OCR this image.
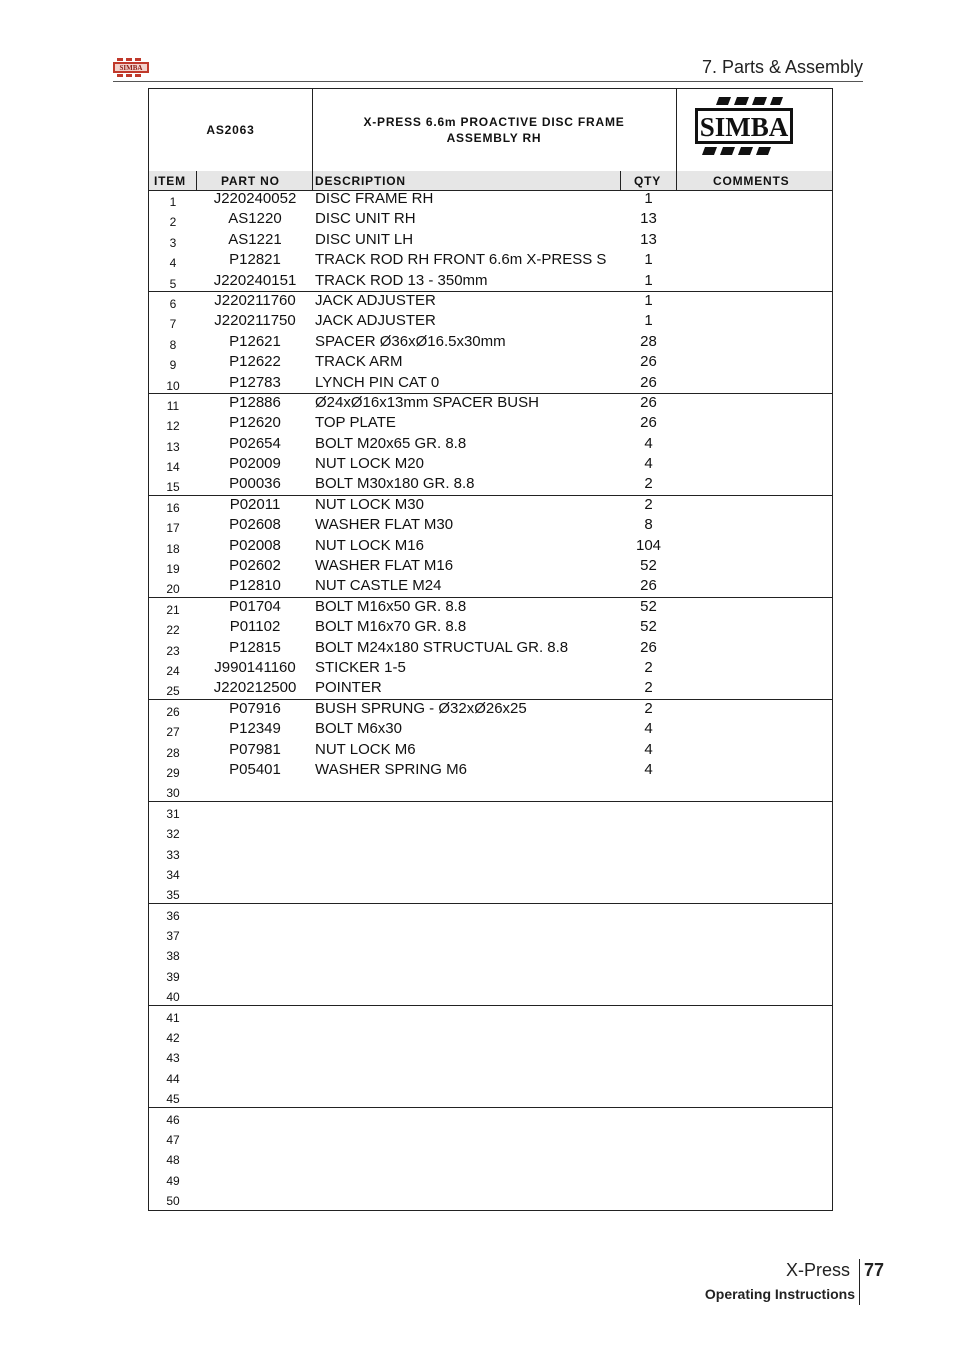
SIMBA	7. Parts & Assembly
AS2063
X-PRESS 6.6m PROACTIVE DISC FRAME
ASSEMBLY RH	SIMBA
ITEM	PART NO	DESCRIPTION	QTY	COMMENTS
1	J220240052	DISC FRAME RH	1
2	AS1220	DISC UNIT RH	13
3	AS1221	DISC UNIT LH	13
4	P12821	TRACK ROD RH FRONT 6.6m X-PRESS S	1
5	J220240151	TRACK ROD 13 - 350mm	1
6	J220211760	JACK ADJUSTER	1
7	J220211750	JACK ADJUSTER	1
8	P12621	SPACER Ø36xØ16.5x30mm	28
9	P12622	TRACK ARM	26
10	P12783	LYNCH PIN CAT 0	26
11	P12886	Ø24xØ16x13mm SPACER BUSH	26
12	P12620	TOP PLATE	26
13	P02654	BOLT M20x65 GR. 8.8	4
14	P02009	NUT LOCK M20	4
15	P00036	BOLT M30x180 GR. 8.8	2
16	P02011	NUT LOCK M30	2
17	P02608	WASHER FLAT M30	8
18	P02008	NUT LOCK M16	104
19	P02602	WASHER FLAT M16	52
20	P12810	NUT CASTLE M24	26
21	P01704	BOLT M16x50 GR. 8.8	52
22	P01102	BOLT M16x70 GR. 8.8	52
23	P12815	BOLT M24x180 STRUCTUAL GR. 8.8	26
24	J990141160	STICKER 1-5	2
25	J220212500	POINTER	2
26	P07916	BUSH SPRUNG - Ø32xØ26x25	2
27	P12349	BOLT M6x30	4
28	P07981	NUT LOCK M6	4
29	P05401	WASHER SPRING M6	4
30
31
32
33
34
35
36
37
38
39
40
41
42
43
44
45
46
47
48
49
50
X-Press 77
Operating Instructions
